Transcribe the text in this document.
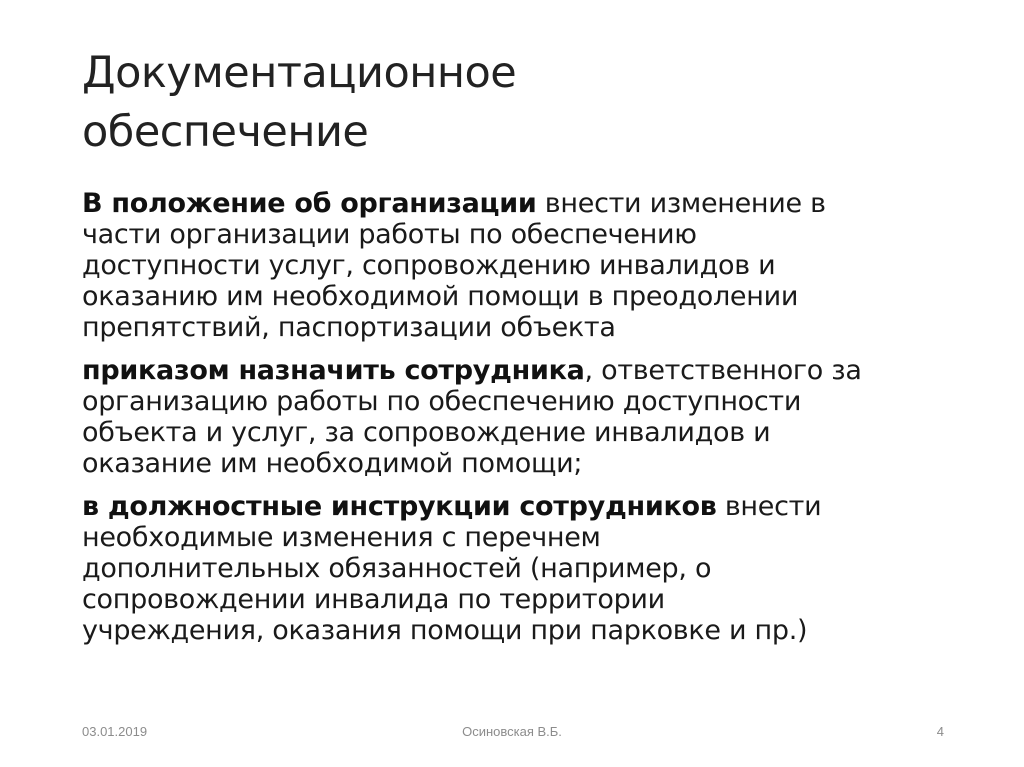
Документационное
обеспечение

В положение об организации внести изменение в
части организации работы по обеспечению
доступности услуг, сопровождению инвалидов и
оказанию им необходимой помощи в преодолении
препятствий, паспортизации объекта

приказом назначить сотрудника, ответственного за
организацию работы по обеспечению доступности
объекта и услуг, за сопровождение инвалидов и
оказание им необходимой помощи;

в должностные инструкции сотрудников внести
необходимые изменения с перечнем
дополнительных обязанностей (например, о
сопровождении инвалида по территории
учреждения, оказания помощи при парковке и пр.)

03.01.2019	Осиновская В.Б.	4
